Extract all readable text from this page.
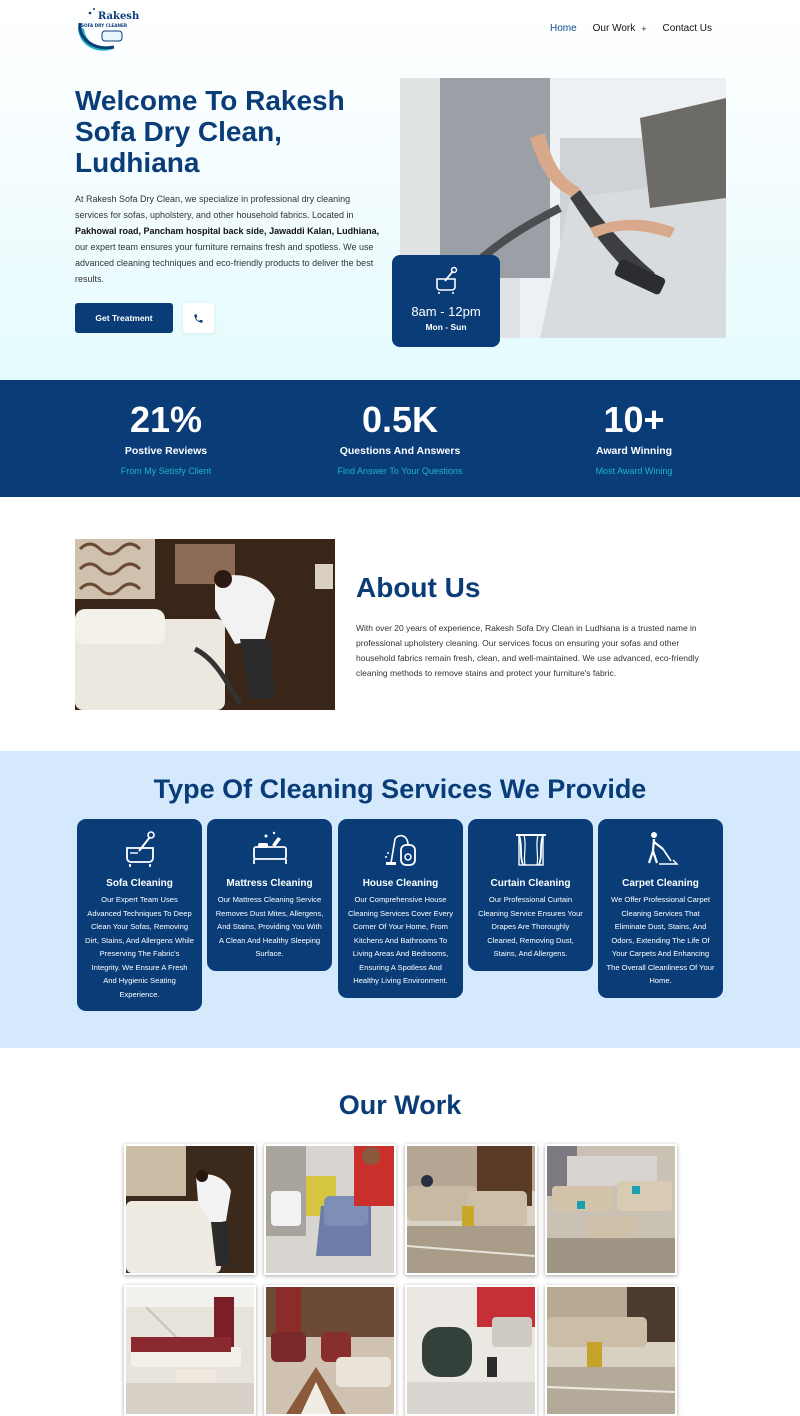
Rakesh
SOFA DRY CLEANER	Home Our Work + Contact Us
Welcome To Rakesh Sofa Dry Clean, Ludhiana

At Rakesh Sofa Dry Clean, we specialize in professional dry cleaning services for sofas, upholstery, and other household fabrics. Located in Pakhowal road, Pancham hospital back side, Jawaddi Kalan, Ludhiana, our expert team ensures your furniture remains fresh and spotless. We use advanced cleaning techniques and eco-friendly products to deliver the best results.

Get Treatment	8am - 12pm
Mon - Sun
21%
Postive Reviews
From My Setisfy Client
0.5K
Questions And Answers
Find Answer To Your Questions
10+
Award Winning
Most Award Wining
About Us

With over 20 years of experience, Rakesh Sofa Dry Clean in Ludhiana is a trusted name in professional upholstery cleaning. Our services focus on ensuring your sofas and other household fabrics remain fresh, clean, and well-maintained. We use advanced, eco-friendly cleaning methods to remove stains and protect your furniture's fabric.

Type Of Cleaning Services We Provide
Sofa Cleaning
Our Expert Team Uses Advanced Techniques To Deep Clean Your Sofas, Removing Dirt, Stains, And Allergens While Preserving The Fabric's Integrity. We Ensure A Fresh And Hygienic Seating Experience.
Mattress Cleaning
Our Mattress Cleaning Service Removes Dust Mites, Allergens, And Stains, Providing You With A Clean And Healthy Sleeping Surface.
House Cleaning
Our Comprehensive House Cleaning Services Cover Every Corner Of Your Home, From Kitchens And Bathrooms To Living Areas And Bedrooms, Ensuring A Spotless And Healthy Living Environment.
Curtain Cleaning
Our Professional Curtain Cleaning Service Ensures Your Drapes Are Thoroughly Cleaned, Removing Dust, Stains, And Allergens.
Carpet Cleaning
We Offer Professional Carpet Cleaning Services That Eliminate Dust, Stains, And Odors, Extending The Life Of Your Carpets And Enhancing The Overall Cleanliness Of Your Home.
Our Work
